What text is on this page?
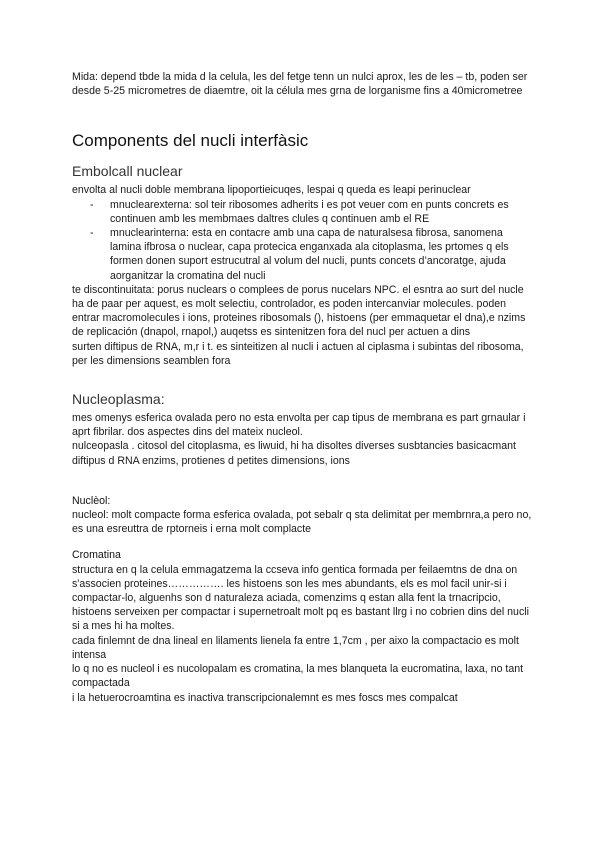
Mida: depend tbde la mida d la celula, les del fetge tenn un nulci aprox, les de les – tb, poden ser desde 5-25 micrometres de diaemtre, oit la célula mes grna de lorganisme fins a 40micrometree

Components del nucli interfàsic
Embolcall nuclear

envolta al nucli doble membrana lipoportieicuqes, lespai q queda es leapi perinuclear

- mnuclearexterna: sol teir ribosomes adherits i es pot veuer com en punts concrets es continuen amb les membmaes daltres clules q continuen amb el RE
- mnuclearinterna: esta en contacre amb una capa de naturalsesa fibrosa, sanomena lamina ifbrosa o nuclear, capa protecica enganxada ala citoplasma, les prtomes q els formen donen suport estrucutral al volum del nucli, punts concets d’ancoratge, ajuda aorganitzar la cromatina del nucli

te discontinuitata: porus nuclears o complees de porus nucelars NPC. el esntra ao surt del nucle ha de paar per aquest, es molt selectiu, controlador, es poden intercanviar molecules. poden entrar macromolecules i ions, proteines ribosomals (), histoens (per emmaquetar el dna),e nzims de replicación (dnapol, rnapol,) auqetss es sintenitzen fora del nucl per actuen a dins

surten diftipus de RNA, m,r i t. es sinteitizen al nucli i actuen al ciplasma i subintas del ribosoma, per les dimensions seamblen fora

Nucleoplasma:

mes omenys esferica ovalada pero no esta envolta per cap tipus de membrana es part grnaular i aprt fibrilar. dos aspectes dins del mateix nucleol.

nulceopasla . citosol del citoplasma, es liwuid, hi ha disoltes diverses susbtancies basicacmant diftipus d RNA enzims, protienes d petites dimensions, ions

Nuclèol:

nucleol: molt compacte forma esferica ovalada, pot sebalr q sta delimitat per membrnra,a pero no, es una esreuttra de rptorneis i erna molt complacte

Cromatina

structura en q la celula emmagatzema la ccseva info gentica formada per feilaemtns de dna on s'associen proteines……………. les histoens son les mes abundants, els es mol facil unir-si i compactar-lo, alguenhs son d naturaleza aciada, comenzims q estan alla fent la trnacripcio, histoens serveixen per compactar i supernetroalt molt pq es bastant llrg i no cobrien dins del nucli si a mes hi ha moltes.

cada finlemnt de dna lineal en lilaments lienela fa entre 1,7cm , per aixo la compactacio es molt intensa

lo q no es nucleol i es nucolopalam es cromatina, la mes blanqueta la eucromatina, laxa, no tant compactada

i la hetuerocroamtina es inactiva transcripcionalemnt es mes foscs mes compalcat
